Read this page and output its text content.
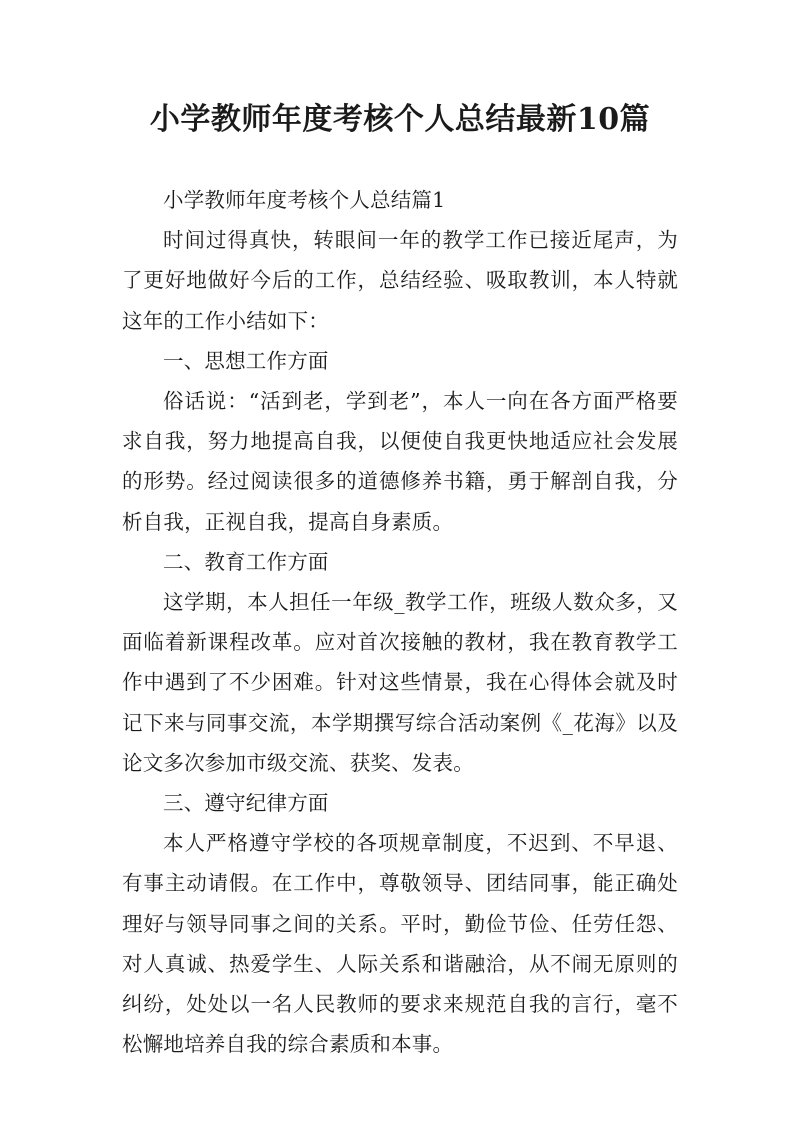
小学教师年度考核个人总结最新10篇

小学教师年度考核个人总结篇1

时间过得真快，转眼间一年的教学工作已接近尾声，为了更好地做好今后的工作，总结经验、吸取教训，本人特就这年的工作小结如下：

一、思想工作方面

俗话说：“活到老，学到老”，本人一向在各方面严格要求自我，努力地提高自我，以便使自我更快地适应社会发展的形势。经过阅读很多的道德修养书籍，勇于解剖自我，分析自我，正视自我，提高自身素质。

二、教育工作方面

这学期，本人担任一年级_教学工作，班级人数众多，又面临着新课程改革。应对首次接触的教材，我在教育教学工作中遇到了不少困难。针对这些情景，我在心得体会就及时记下来与同事交流，本学期撰写综合活动案例《_花海》以及论文多次参加市级交流、获奖、发表。

三、遵守纪律方面

本人严格遵守学校的各项规章制度，不迟到、不早退、有事主动请假。在工作中，尊敬领导、团结同事，能正确处理好与领导同事之间的关系。平时，勤俭节俭、任劳任怨、对人真诚、热爱学生、人际关系和谐融洽，从不闹无原则的纠纷，处处以一名人民教师的要求来规范自我的言行，毫不松懈地培养自我的综合素质和本事。
